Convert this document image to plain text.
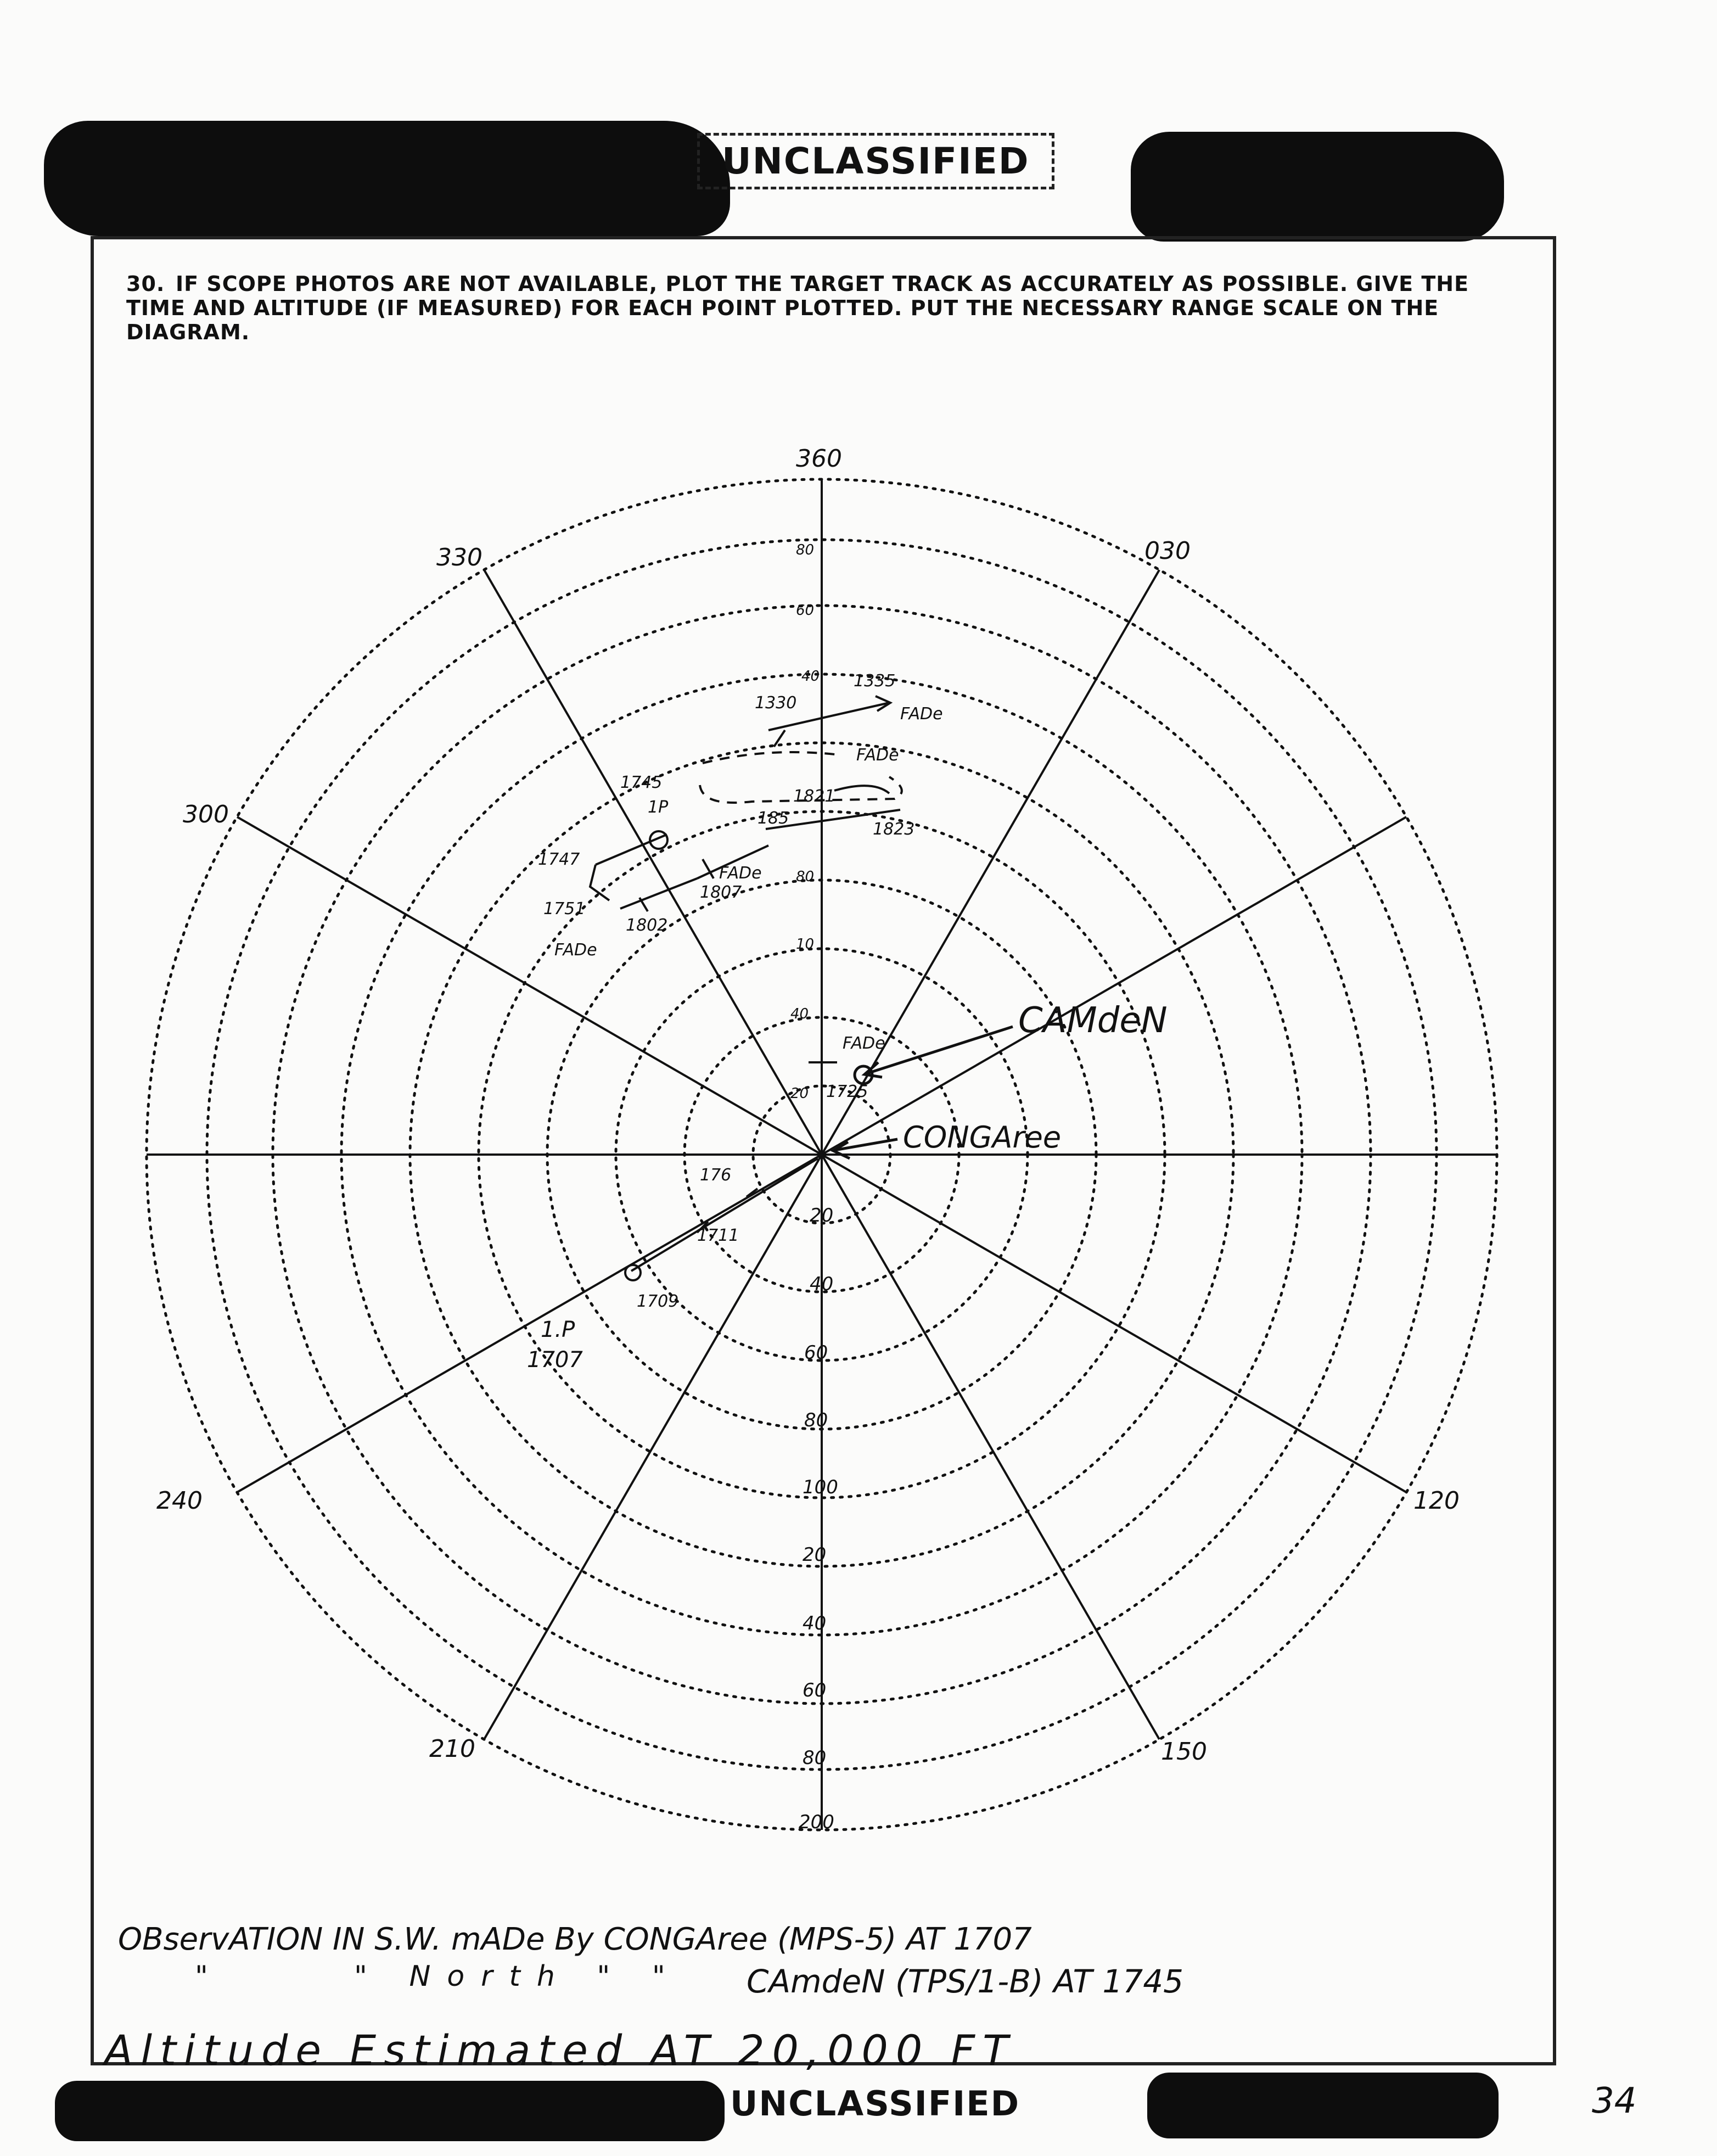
UNCLASSIFIED
UNCLASSIFIED
30. IF SCOPE PHOTOS ARE NOT AVAILABLE, PLOT THE TARGET TRACK AS ACCURATELY AS POSSIBLE. GIVE THE TIME AND ALTITUDE (IF MEASURED) FOR EACH POINT PLOTTED. PUT THE NECESSARY RANGE SCALE ON THE DIAGRAM.
360
030
120
150
210
240
300
330
20
40
10
80
40
60
80
20
40
60
80
100
20
40
60
80
200
CAMdeN
CONGAree
1335
1330
FADe
FADe
1745
1P
1821
1823
185
1747
FADe
1807
1751
1802
FADe
FADe
1725
176
1711
1709
1.P
1707
OBservATION IN S.W. mADe By CONGAree (MPS-5) AT 1707
"	" North " " CAmdeN (TPS/1-B) AT 1745
Altitude Estimated AT 20,000 FT
34
